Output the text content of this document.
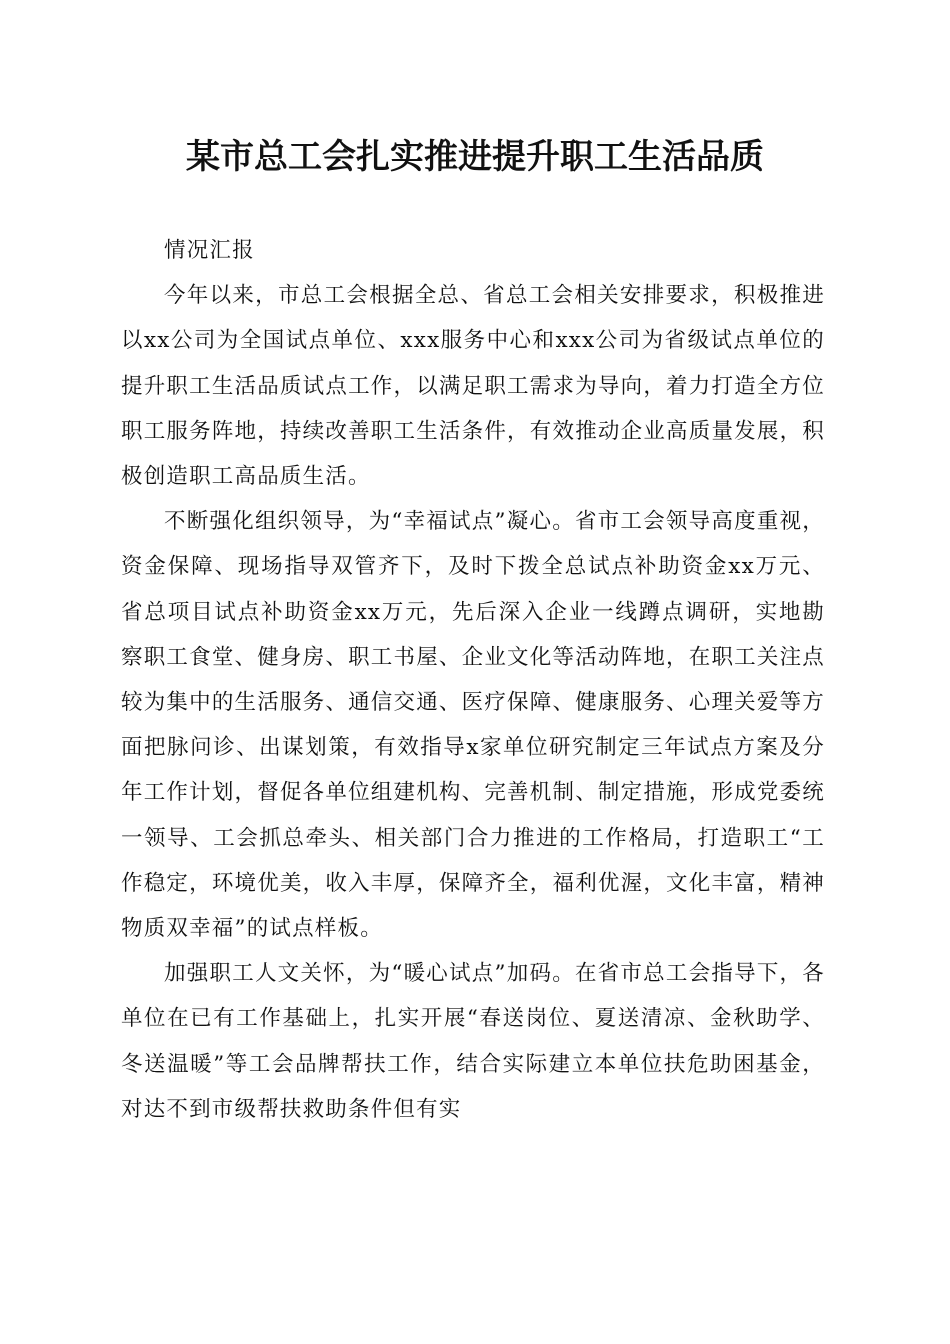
某市总工会扎实推进提升职工生活品质

情况汇报

今年以来，市总工会根据全总、省总工会相关安排要求，积极推进以xx公司为全国试点单位、xxx服务中心和xxx公司为省级试点单位的提升职工生活品质试点工作，以满足职工需求为导向，着力打造全方位职工服务阵地，持续改善职工生活条件，有效推动企业高质量发展，积极创造职工高品质生活。

不断强化组织领导，为“幸福试点”凝心。省市工会领导高度重视，资金保障、现场指导双管齐下，及时下拨全总试点补助资金xx万元、省总项目试点补助资金xx万元，先后深入企业一线蹲点调研，实地勘察职工食堂、健身房、职工书屋、企业文化等活动阵地，在职工关注点较为集中的生活服务、通信交通、医疗保障、健康服务、心理关爱等方面把脉问诊、出谋划策，有效指导x家单位研究制定三年试点方案及分年工作计划，督促各单位组建机构、完善机制、制定措施，形成党委统一领导、工会抓总牵头、相关部门合力推进的工作格局，打造职工“工作稳定，环境优美，收入丰厚，保障齐全，福利优渥，文化丰富，精神物质双幸福”的试点样板。

加强职工人文关怀，为“暖心试点”加码。在省市总工会指导下，各单位在已有工作基础上，扎实开展“春送岗位、夏送清凉、金秋助学、冬送温暖”等工会品牌帮扶工作，结合实际建立本单位扶危助困基金，对达不到市级帮扶救助条件但有实
